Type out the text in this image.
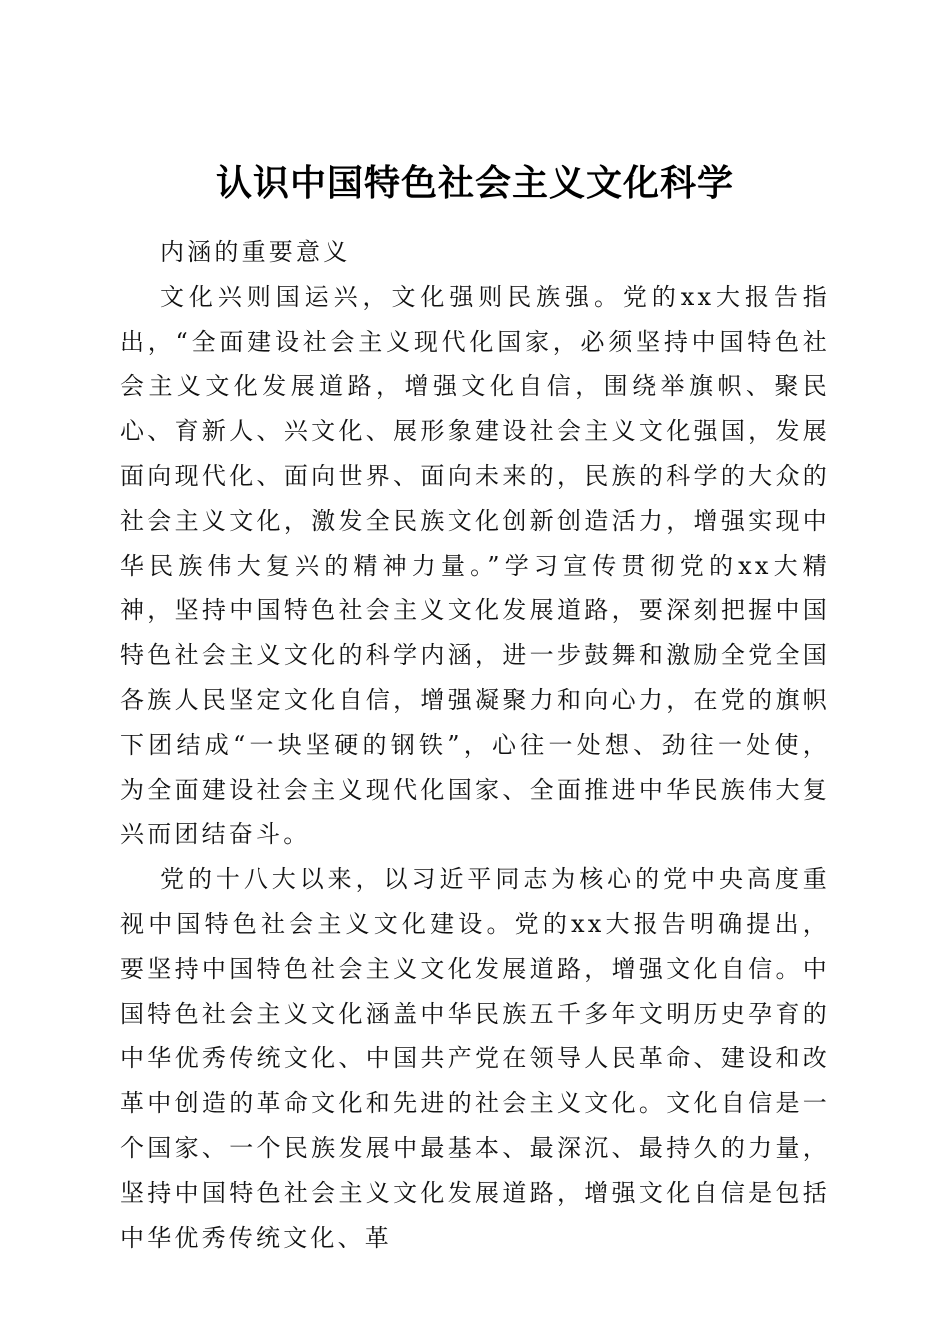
认识中国特色社会主义文化科学

内涵的重要意义

文化兴则国运兴，文化强则民族强。党的xx大报告指出，“全面建设社会主义现代化国家，必须坚持中国特色社会主义文化发展道路，增强文化自信，围绕举旗帜、聚民心、育新人、兴文化、展形象建设社会主义文化强国，发展面向现代化、面向世界、面向未来的，民族的科学的大众的社会主义文化，激发全民族文化创新创造活力，增强实现中华民族伟大复兴的精神力量。”学习宣传贯彻党的xx大精神，坚持中国特色社会主义文化发展道路，要深刻把握中国特色社会主义文化的科学内涵，进一步鼓舞和激励全党全国各族人民坚定文化自信，增强凝聚力和向心力，在党的旗帜下团结成“一块坚硬的钢铁”，心往一处想、劲往一处使，为全面建设社会主义现代化国家、全面推进中华民族伟大复兴而团结奋斗。

党的十八大以来，以习近平同志为核心的党中央高度重视中国特色社会主义文化建设。党的xx大报告明确提出，要坚持中国特色社会主义文化发展道路，增强文化自信。中国特色社会主义文化涵盖中华民族五千多年文明历史孕育的中华优秀传统文化、中国共产党在领导人民革命、建设和改革中创造的革命文化和先进的社会主义文化。文化自信是一个国家、一个民族发展中最基本、最深沉、最持久的力量，坚持中国特色社会主义文化发展道路，增强文化自信是包括中华优秀传统文化、革
